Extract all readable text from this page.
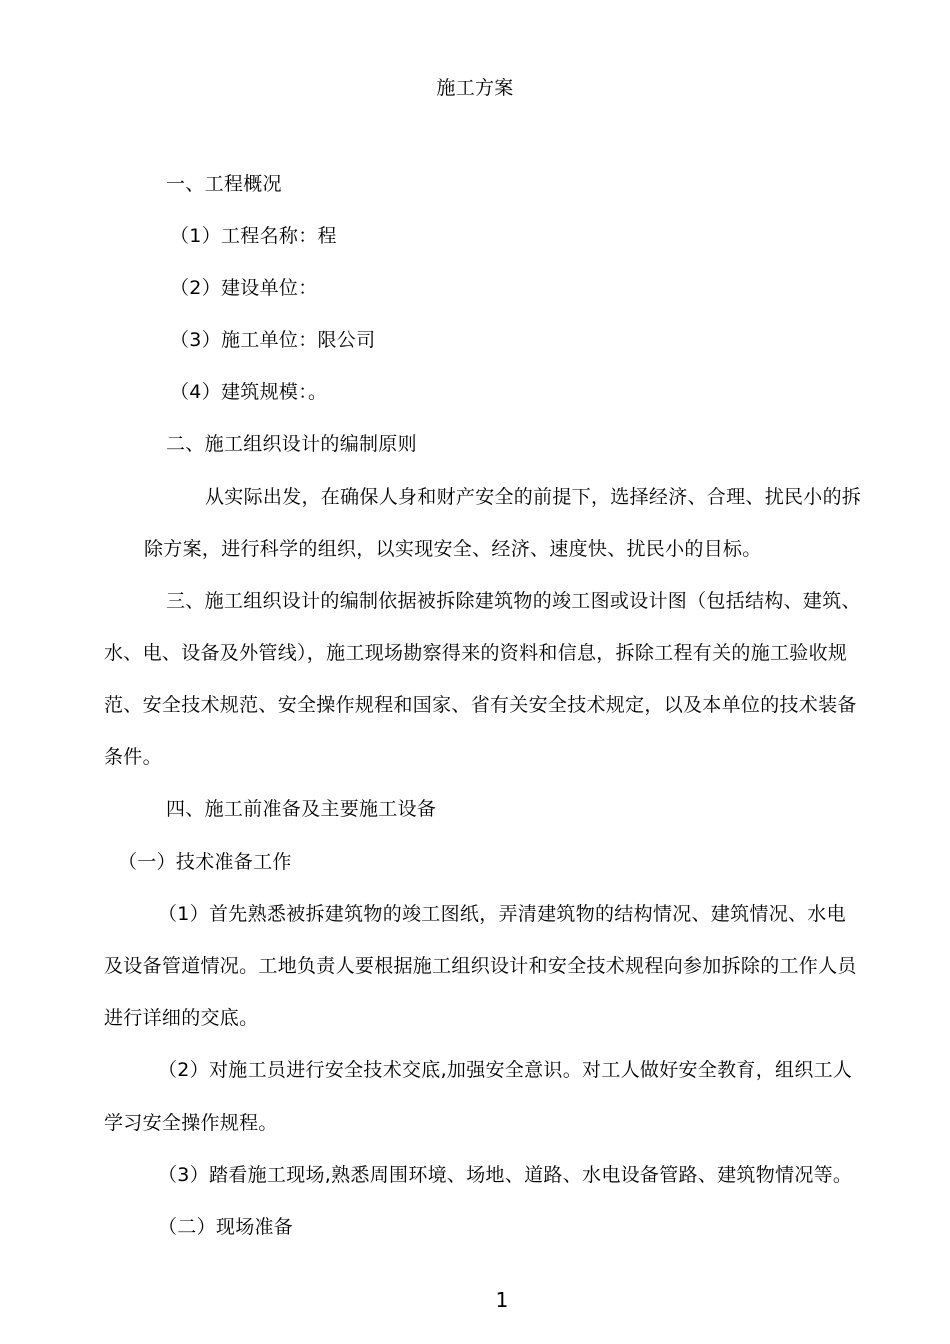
施工方案
一、工程概况
（1）工程名称：程
（2）建设单位：
（3）施工单位：限公司
（4）建筑规模：。
二、施工组织设计的编制原则
从实际出发，在确保人身和财产安全的前提下，选择经济、合理、扰民小的拆
除方案，进行科学的组织，以实现安全、经济、速度快、扰民小的目标。
三、施工组织设计的编制依据被拆除建筑物的竣工图或设计图（包括结构、建筑、
水、电、设备及外管线），施工现场勘察得来的资料和信息，拆除工程有关的施工验收规
范、安全技术规范、安全操作规程和国家、省有关安全技术规定，以及本单位的技术装备
条件。
四、施工前准备及主要施工设备
（一）技术准备工作
（1）首先熟悉被拆建筑物的竣工图纸，弄清建筑物的结构情况、建筑情况、水电
及设备管道情况。工地负责人要根据施工组织设计和安全技术规程向参加拆除的工作人员
进行详细的交底。
（2）对施工员进行安全技术交底,加强安全意识。对工人做好安全教育，组织工人
学习安全操作规程。
（3）踏看施工现场,熟悉周围环境、场地、道路、水电设备管路、建筑物情况等。
（二）现场准备
1
